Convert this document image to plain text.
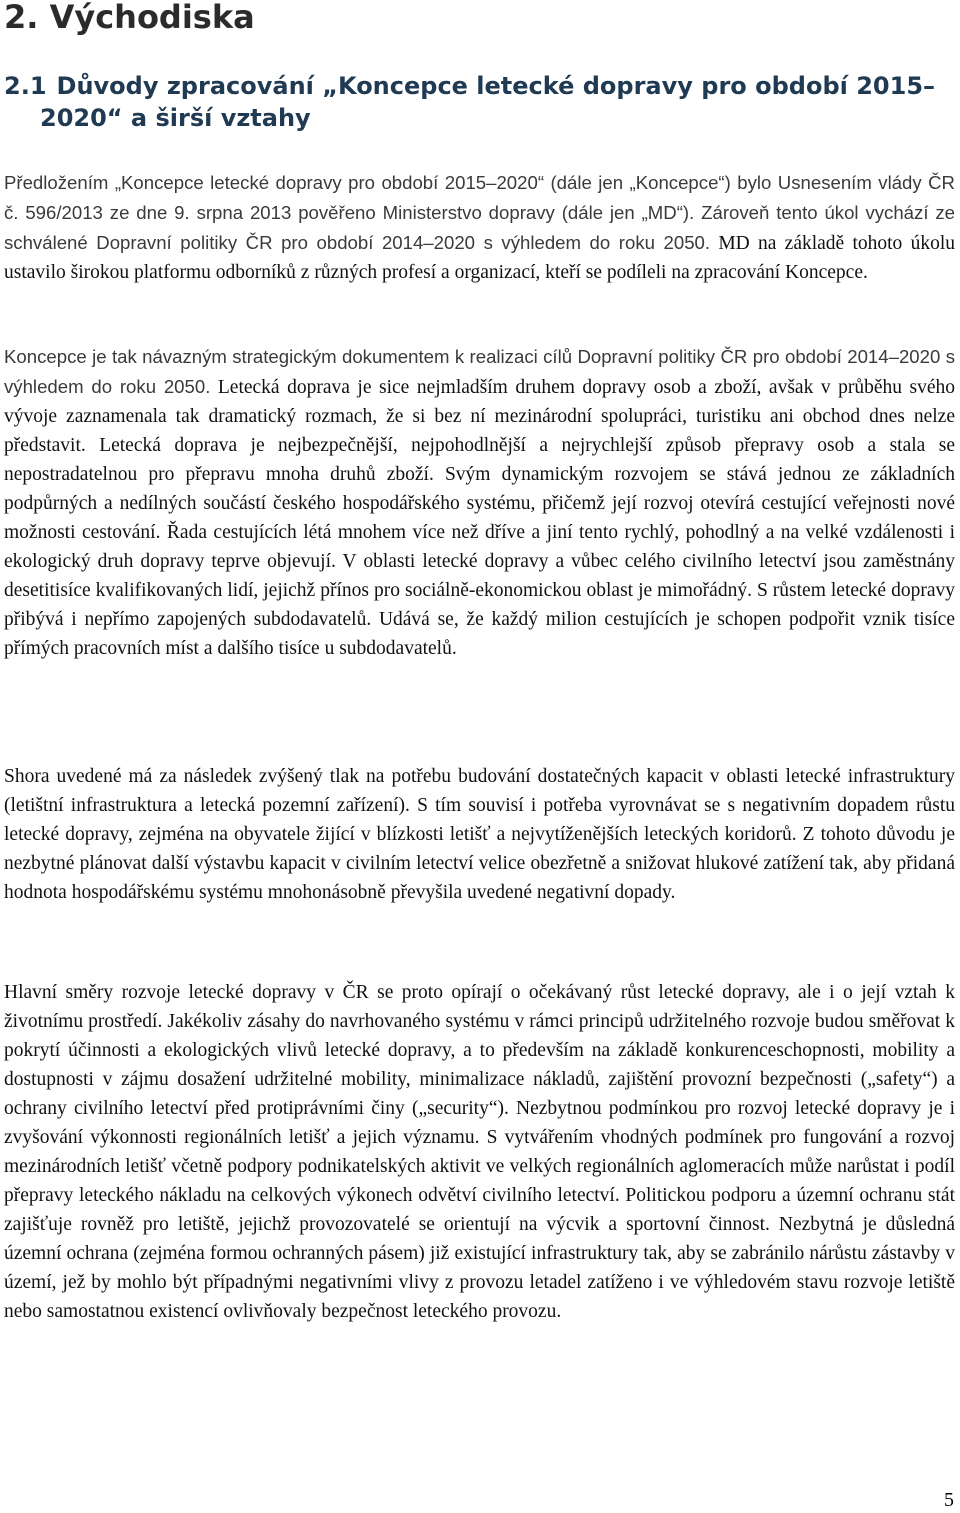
2. Východiska
2.1 Důvody zpracování „Koncepce letecké dopravy pro období 2015–
2020“ a širší vztahy

Předložením „Koncepce letecké dopravy pro období 2015–2020“ (dále jen „Koncepce“) bylo Usnesením vlády ČR č. 596/2013 ze dne 9. srpna 2013 pověřeno Ministerstvo dopravy (dále jen „MD“). Zároveň tento úkol vychází ze schválené Dopravní politiky ČR pro období 2014–2020 s výhledem do roku 2050. MD na základě tohoto úkolu ustavilo širokou platformu odborníků z různých profesí a organizací, kteří se podíleli na zpracování Koncepce.

Koncepce je tak návazným strategickým dokumentem k realizaci cílů Dopravní politiky ČR pro období 2014–2020 s výhledem do roku 2050. Letecká doprava je sice nejmladším druhem dopravy osob a zboží, avšak v průběhu svého vývoje zaznamenala tak dramatický rozmach, že si bez ní mezinárodní spolupráci, turistiku ani obchod dnes nelze představit. Letecká doprava je nejbezpečnější, nejpohodlnější a nejrychlejší způsob přepravy osob a stala se nepostradatelnou pro přepravu mnoha druhů zboží. Svým dynamickým rozvojem se stává jednou ze základních podpůrných a nedílných součástí českého hospodářského systému, přičemž její rozvoj otevírá cestující veřejnosti nové možnosti cestování. Řada cestujících létá mnohem více než dříve a jiní tento rychlý, pohodlný a na velké vzdálenosti i ekologický druh dopravy teprve objevují. V oblasti letecké dopravy a vůbec celého civilního letectví jsou zaměstnány desetitisíce kvalifikovaných lidí, jejichž přínos pro sociálně-ekonomickou oblast je mimořádný. S růstem letecké dopravy přibývá i nepřímo zapojených subdodavatelů. Udává se, že každý milion cestujících je schopen podpořit vznik tisíce přímých pracovních míst a dalšího tisíce u subdodavatelů.

Shora uvedené má za následek zvýšený tlak na potřebu budování dostatečných kapacit v oblasti letecké infrastruktury (letištní infrastruktura a letecká pozemní zařízení). S tím souvisí i potřeba vyrovnávat se s negativním dopadem růstu letecké dopravy, zejména na obyvatele žijící v blízkosti letišť a nejvytíženějších leteckých koridorů. Z tohoto důvodu je nezbytné plánovat další výstavbu kapacit v civilním letectví velice obezřetně a snižovat hlukové zatížení tak, aby přidaná hodnota hospodářskému systému mnohonásobně převyšila uvedené negativní dopady.

Hlavní směry rozvoje letecké dopravy v ČR se proto opírají o očekávaný růst letecké dopravy, ale i o její vztah k životnímu prostředí. Jakékoliv zásahy do navrhovaného systému v rámci principů udržitelného rozvoje budou směřovat k pokrytí účinnosti a ekologických vlivů letecké dopravy, a to především na základě konkurenceschopnosti, mobility a dostupnosti v zájmu dosažení udržitelné mobility, minimalizace nákladů, zajištění provozní bezpečnosti („safety“) a ochrany civilního letectví před protiprávními činy („security“). Nezbytnou podmínkou pro rozvoj letecké dopravy je i zvyšování výkonnosti regionálních letišť a jejich významu. S vytvářením vhodných podmínek pro fungování a rozvoj mezinárodních letišť včetně podpory podnikatelských aktivit ve velkých regionálních aglomeracích může narůstat i podíl přepravy leteckého nákladu na celkových výkonech odvětví civilního letectví. Politickou podporu a územní ochranu stát zajišťuje rovněž pro letiště, jejichž provozovatelé se orientují na výcvik a sportovní činnost. Nezbytná je důsledná územní ochrana (zejména formou ochranných pásem) již existující infrastruktury tak, aby se zabránilo nárůstu zástavby v území, jež by mohlo být případnými negativními vlivy z provozu letadel zatíženo i ve výhledovém stavu rozvoje letiště nebo samostatnou existencí ovlivňovaly bezpečnost leteckého provozu.

5
